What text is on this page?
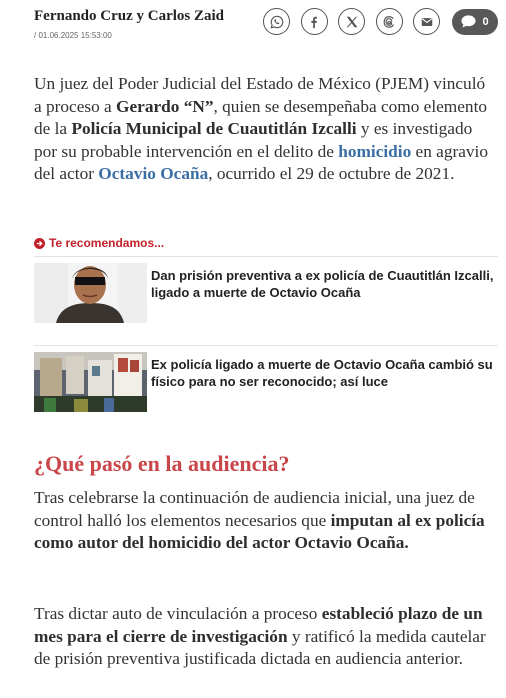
Fernando Cruz y Carlos Zaid
/ 01.06.2025 15:53:00
0

Un juez del Poder Judicial del Estado de México (PJEM) vinculó a proceso a Gerardo “N”, quien se desempeñaba como elemento de la Policía Municipal de Cuautitlán Izcalli y es investigado por su probable intervención en el delito de homicidio en agravio del actor Octavio Ocaña, ocurrido el 29 de octubre de 2021.

Te recomendamos...
Dan prisión preventiva a ex policía de Cuautitlán Izcalli, ligado a muerte de Octavio Ocaña
Ex policía ligado a muerte de Octavio Ocaña cambió su físico para no ser reconocido; así luce
¿Qué pasó en la audiencia?

Tras celebrarse la continuación de audiencia inicial, una juez de control halló los elementos necesarios que imputan al ex policía como autor del homicidio del actor Octavio Ocaña.

Tras dictar auto de vinculación a proceso estableció plazo de un mes para el cierre de investigación y ratificó la medida cautelar de prisión preventiva justificada dictada en audiencia anterior.
